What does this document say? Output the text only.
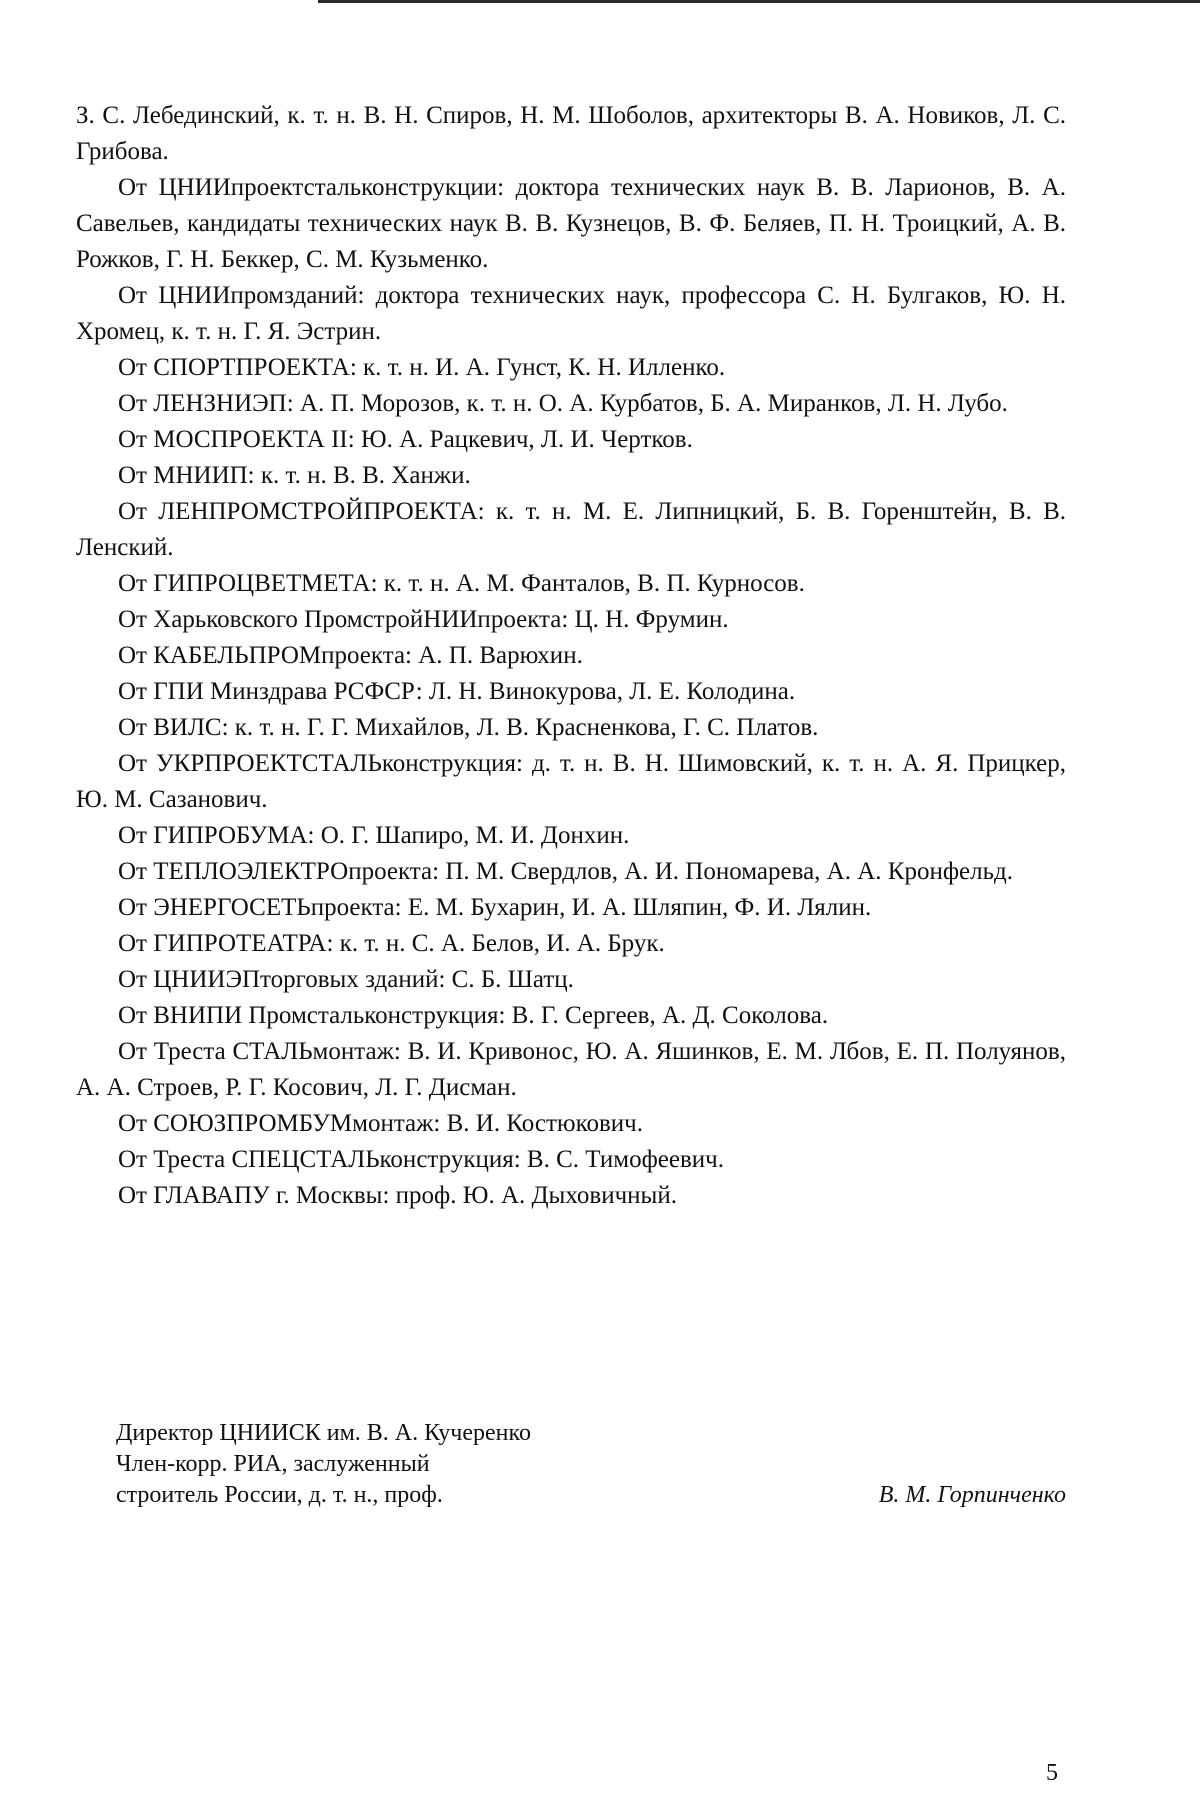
З. С. Лебединский, к. т. н. В. Н. Спиров, Н. М. Шоболов, архитекторы В. А. Новиков, Л. С. Грибова.

От ЦНИИпроектстальконструкции: доктора технических наук В. В. Ларионов, В. А. Савельев, кандидаты технических наук В. В. Кузнецов, В. Ф. Беляев, П. Н. Троицкий, А. В. Рожков, Г. Н. Беккер, С. М. Кузьменко.

От ЦНИИпромзданий: доктора технических наук, профессора С. Н. Булгаков, Ю. Н. Хромец, к. т. н. Г. Я. Эстрин.

От СПОРТПРОЕКТА: к. т. н. И. А. Гунст, К. Н. Илленко.

От ЛЕНЗНИЭП: А. П. Морозов, к. т. н. О. А. Курбатов, Б. А. Миранков, Л. Н. Лубо.

От МОСПРОЕКТА II: Ю. А. Рацкевич, Л. И. Чертков.

От МНИИП: к. т. н. В. В. Ханжи.

От ЛЕНПРОМСТРОЙПРОЕКТА: к. т. н. М. Е. Липницкий, Б. В. Горенштейн, В. В. Ленский.

От ГИПРОЦВЕТМЕТА: к. т. н. А. М. Фанталов, В. П. Курносов.

От Харьковского ПромстройНИИпроекта: Ц. Н. Фрумин.

От КАБЕЛЬПРОМпроекта: А. П. Варюхин.

От ГПИ Минздрава РСФСР: Л. Н. Винокурова, Л. Е. Колодина.

От ВИЛС: к. т. н. Г. Г. Михайлов, Л. В. Красненкова, Г. С. Платов.

От УКРПРОЕКТСТАЛЬконструкция: д. т. н. В. Н. Шимовский, к. т. н. А. Я. Прицкер, Ю. М. Сазанович.

От ГИПРОБУМА: О. Г. Шапиро, М. И. Донхин.

От ТЕПЛОЭЛЕКТРОпроекта: П. М. Свердлов, А. И. Пономарева, А. А. Кронфельд.

От ЭНЕРГОСЕТЬпроекта: Е. М. Бухарин, И. А. Шляпин, Ф. И. Лялин.

От ГИПРОТЕАТРА: к. т. н. С. А. Белов, И. А. Брук.

От ЦНИИЭПторговых зданий: С. Б. Шатц.

От ВНИПИ Промстальконструкция: В. Г. Сергеев, А. Д. Соколова.

От Треста СТАЛЬмонтаж: В. И. Кривонос, Ю. А. Яшинков, Е. М. Лбов, Е. П. Полуянов, А. А. Строев, Р. Г. Косович, Л. Г. Дисман.

От СОЮЗПРОМБУМмонтаж: В. И. Костюкович.

От Треста СПЕЦСТАЛЬконструкция: В. С. Тимофеевич.

От ГЛАВАПУ г. Москвы: проф. Ю. А. Дыховичный.

Директор ЦНИИСК им. В. А. Кучеренко
Член-корр. РИА, заслуженный
строитель России, д. т. н., проф.	В. М. Горпинченко
5
